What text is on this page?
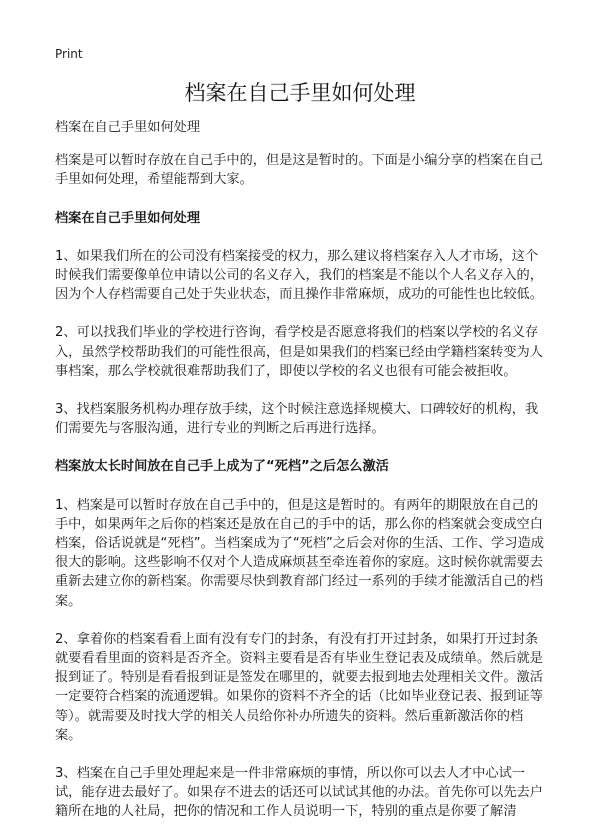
Print
档案在自己手里如何处理

档案在自己手里如何处理

档案是可以暂时存放在自己手中的，但是这是暂时的。下面是小编分享的档案在自己手里如何处理，希望能帮到大家。

档案在自己手里如何处理

1、如果我们所在的公司没有档案接受的权力，那么建议将档案存入人才市场，这个时候我们需要像单位申请以公司的名义存入，我们的档案是不能以个人名义存入的，因为个人存档需要自己处于失业状态，而且操作非常麻烦，成功的可能性也比较低。

2、可以找我们毕业的学校进行咨询，看学校是否愿意将我们的档案以学校的名义存入，虽然学校帮助我们的可能性很高，但是如果我们的档案已经由学籍档案转变为人事档案，那么学校就很难帮助我们了，即使以学校的名义也很有可能会被拒收。

3、找档案服务机构办理存放手续，这个时候注意选择规模大、口碑较好的机构，我们需要先与客服沟通，进行专业的判断之后再进行选择。

档案放太长时间放在自己手上成为了“死档”之后怎么激活

1、档案是可以暂时存放在自己手中的，但是这是暂时的。有两年的期限放在自己的手中，如果两年之后你的档案还是放在自己的手中的话，那么你的档案就会变成空白档案，俗话说就是“死档”。当档案成为了“死档”之后会对你的生活、工作、学习造成很大的影响。这些影响不仅对个人造成麻烦甚至牵连着你的家庭。这时候你就需要去重新去建立你的新档案。你需要尽快到教育部门经过一系列的手续才能激活自己的档案。

2、拿着你的档案看看上面有没有专门的封条，有没有打开过封条，如果打开过封条就要看看里面的资料是否齐全。资料主要看是否有毕业生登记表及成绩单。然后就是报到证了。特别是看看报到证是签发在哪里的，就要去报到地去处理相关文件。激活一定要符合档案的流通逻辑。如果你的资料不齐全的话（比如毕业登记表、报到证等等）。就需要及时找大学的相关人员给你补办所遗失的资料。然后重新激活你的档案。

3、档案在自己手里处理起来是一件非常麻烦的事情，所以你可以去人才中心试一试，能存进去最好了。如果存不进去的话还可以试试其他的办法。首先你可以先去户籍所在地的人社局，把你的情况和工作人员说明一下，特别的重点是你要了解清
